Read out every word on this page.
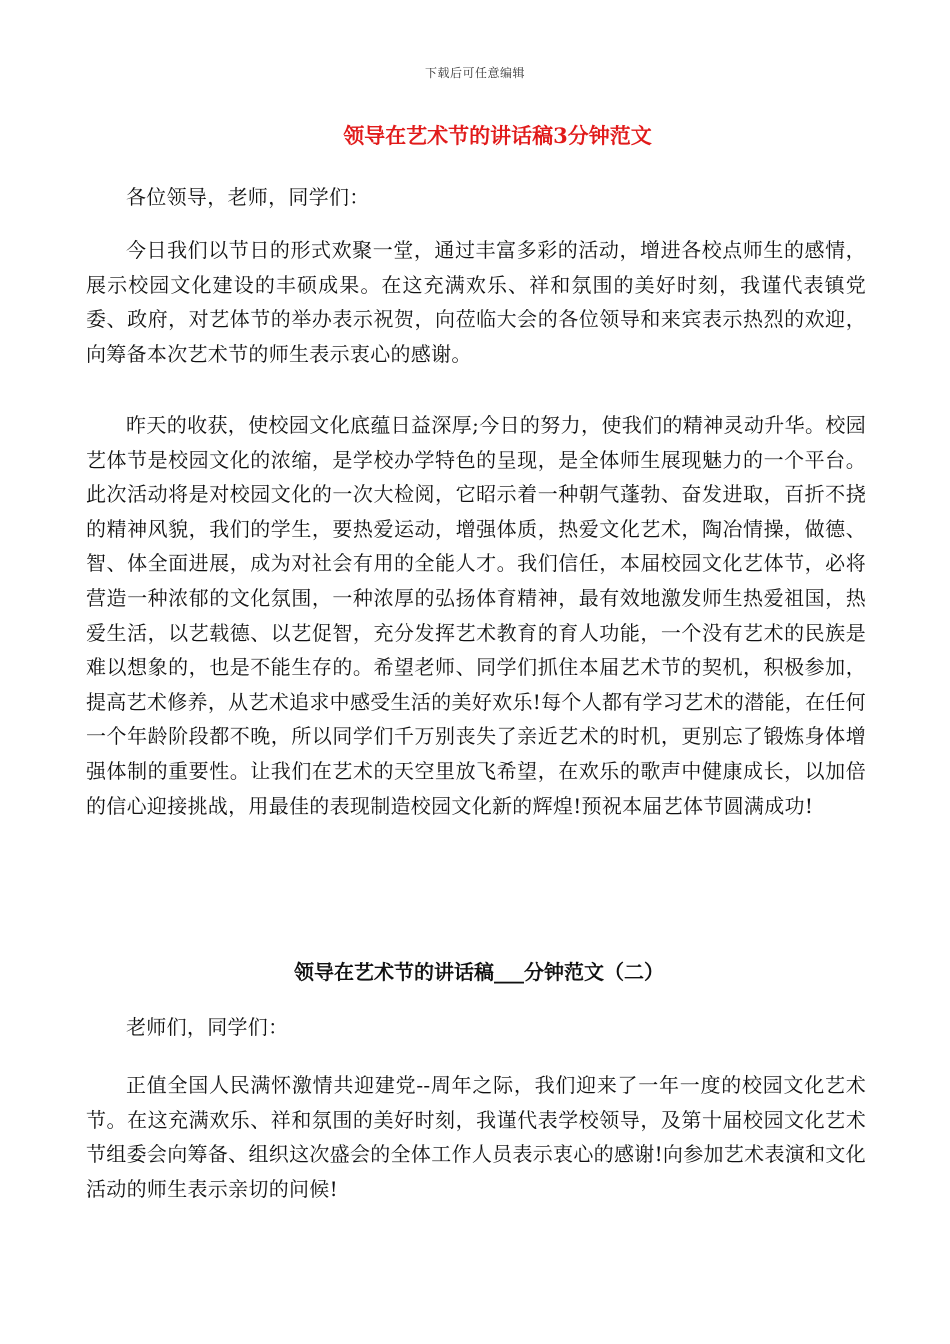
下载后可任意编辑
领导在艺术节的讲话稿3分钟范文

各位领导，老师，同学们：

今日我们以节日的形式欢聚一堂，通过丰富多彩的活动，增进各校点师生的感情，展示校园文化建设的丰硕成果。在这充满欢乐、祥和氛围的美好时刻，我谨代表镇党委、政府，对艺体节的举办表示祝贺，向莅临大会的各位领导和来宾表示热烈的欢迎，向筹备本次艺术节的师生表示衷心的感谢。

昨天的收获，使校园文化底蕴日益深厚;今日的努力，使我们的精神灵动升华。校园艺体节是校园文化的浓缩，是学校办学特色的呈现，是全体师生展现魅力的一个平台。此次活动将是对校园文化的一次大检阅，它昭示着一种朝气蓬勃、奋发进取，百折不挠的精神风貌，我们的学生，要热爱运动，增强体质，热爱文化艺术，陶冶情操，做德、智、体全面进展，成为对社会有用的全能人才。我们信任，本届校园文化艺体节，必将营造一种浓郁的文化氛围，一种浓厚的弘扬体育精神，最有效地激发师生热爱祖国，热爱生活，以艺载德、以艺促智，充分发挥艺术教育的育人功能，一个没有艺术的民族是难以想象的，也是不能生存的。希望老师、同学们抓住本届艺术节的契机，积极参加，提高艺术修养，从艺术追求中感受生活的美好欢乐!每个人都有学习艺术的潜能，在任何一个年龄阶段都不晚，所以同学们千万别丧失了亲近艺术的时机，更别忘了锻炼身体增强体制的重要性。让我们在艺术的天空里放飞希望，在欢乐的歌声中健康成长，以加倍的信心迎接挑战，用最佳的表现制造校园文化新的辉煌!预祝本届艺体节圆满成功!

领导在艺术节的讲话稿___分钟范文（二）

老师们，同学们：

正值全国人民满怀激情共迎建党--周年之际，我们迎来了一年一度的校园文化艺术节。在这充满欢乐、祥和氛围的美好时刻，我谨代表学校领导，及第十届校园文化艺术节组委会向筹备、组织这次盛会的全体工作人员表示衷心的感谢!向参加艺术表演和文化活动的师生表示亲切的问候!
